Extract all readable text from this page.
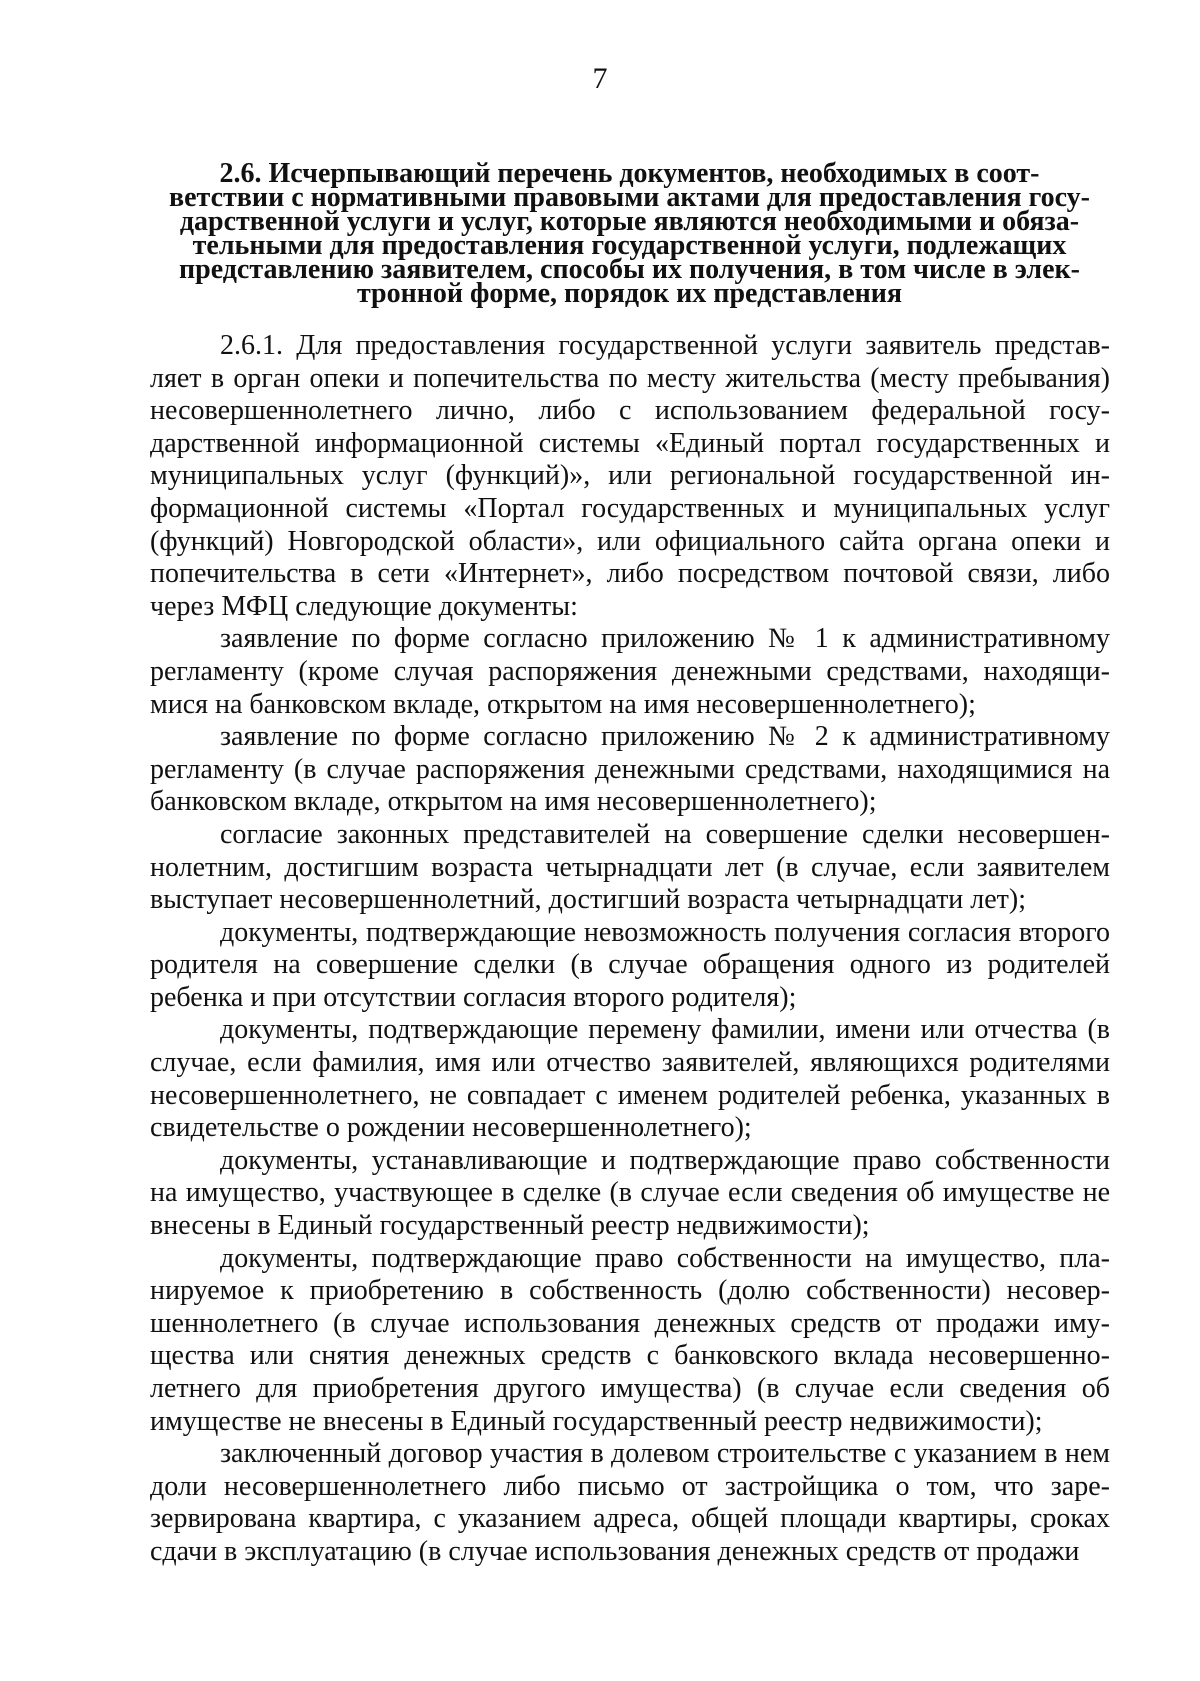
7
2.6. Исчерпывающий перечень документов, необходимых в соот-
ветствии с нормативными правовыми актами для предоставления госу-
дарственной услуги и услуг, которые являются необходимыми и обяза-
тельными для предоставления государственной услуги, подлежащих
представлению заявителем, способы их получения, в том числе в элек-
тронной форме, порядок их представления

2.6.1. Для предоставления государственной услуги заявитель представляет в орган опеки и попечительства по месту жительства (месту пребывания) несовершеннолетнего лично, либо с использованием федеральной государственной информационной системы «Единый портал государственных и муниципальных услуг (функций)», или региональной государственной информационной системы «Портал государственных и муниципальных услуг (функций) Новгородской области», или официального сайта органа опеки и попечительства в сети «Интернет», либо посредством почтовой связи, либо через МФЦ следующие документы:

заявление по форме согласно приложению № 1 к административному регламенту (кроме случая распоряжения денежными средствами, находящимися на банковском вкладе, открытом на имя несовершеннолетнего);

заявление по форме согласно приложению № 2 к административному регламенту (в случае распоряжения денежными средствами, находящимися на банковском вкладе, открытом на имя несовершеннолетнего);

согласие законных представителей на совершение сделки несовершеннолетним, достигшим возраста четырнадцати лет (в случае, если заявителем выступает несовершеннолетний, достигший возраста четырнадцати лет);

документы, подтверждающие невозможность получения согласия второго родителя на совершение сделки (в случае обращения одного из родителей ребенка и при отсутствии согласия второго родителя);

документы, подтверждающие перемену фамилии, имени или отчества (в случае, если фамилия, имя или отчество заявителей, являющихся родителями несовершеннолетнего, не совпадает с именем родителей ребенка, указанных в свидетельстве о рождении несовершеннолетнего);

документы, устанавливающие и подтверждающие право собственности на имущество, участвующее в сделке (в случае если сведения об имуществе не внесены в Единый государственный реестр недвижимости);

документы, подтверждающие право собственности на имущество, планируемое к приобретению в собственность (долю собственности) несовершеннолетнего (в случае использования денежных средств от продажи имущества или снятия денежных средств с банковского вклада несовершеннолетнего для приобретения другого имущества) (в случае если сведения об имуществе не внесены в Единый государственный реестр недвижимости);

заключенный договор участия в долевом строительстве с указанием в нем доли несовершеннолетнего либо письмо от застройщика о том, что зарезервирована квартира, с указанием адреса, общей площади квартиры, сроках сдачи в эксплуатацию (в случае использования денежных средств от продажи
